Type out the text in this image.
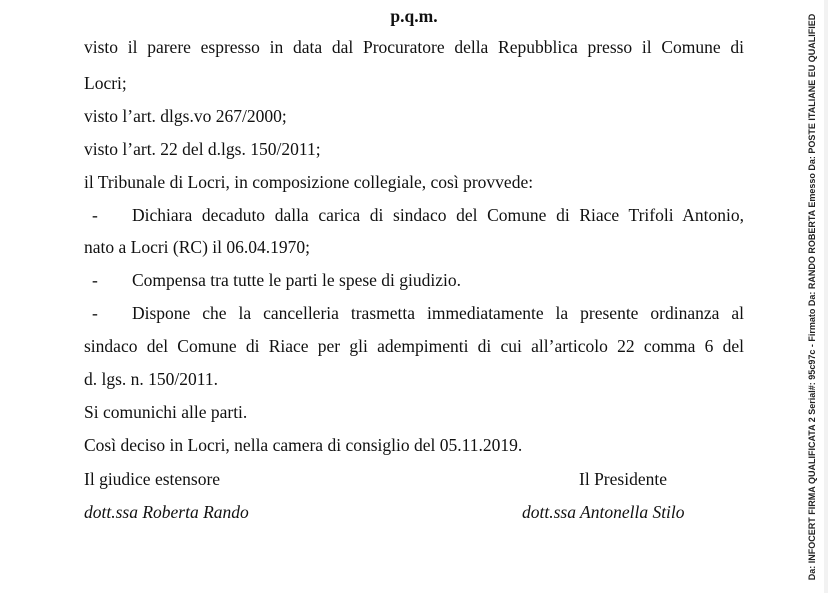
p.q.m.
visto il parere espresso in data dal Procuratore della Repubblica presso il Comune di
Locri;
visto l’art. dlgs.vo 267/2000;
visto l’art. 22 del d.lgs. 150/2011;
il Tribunale di Locri, in composizione collegiale, così provvede:
- Dichiara decaduto dalla carica di sindaco del Comune di Riace Trifoli Antonio,
nato a Locri (RC) il 06.04.1970;
- Compensa tra tutte le parti le spese di giudizio.
- Dispone che la cancelleria trasmetta immediatamente la presente ordinanza al
sindaco del Comune di Riace per gli adempimenti di cui all’articolo 22 comma 6 del
d. lgs. n. 150/2011.
Si comunichi alle parti.
Così deciso in Locri, nella camera di consiglio del 05.11.2019.
Il giudice estensore	Il Presidente
dott.ssa Roberta Rando	dott.ssa Antonella Stilo	Da: INFOCERT FIRMA QUALIFICATA 2 Serial#: 95c97c - Firmato Da: RANDO ROBERTA Emesso Da: POSTE ITALIANE EU QUALIFIED
